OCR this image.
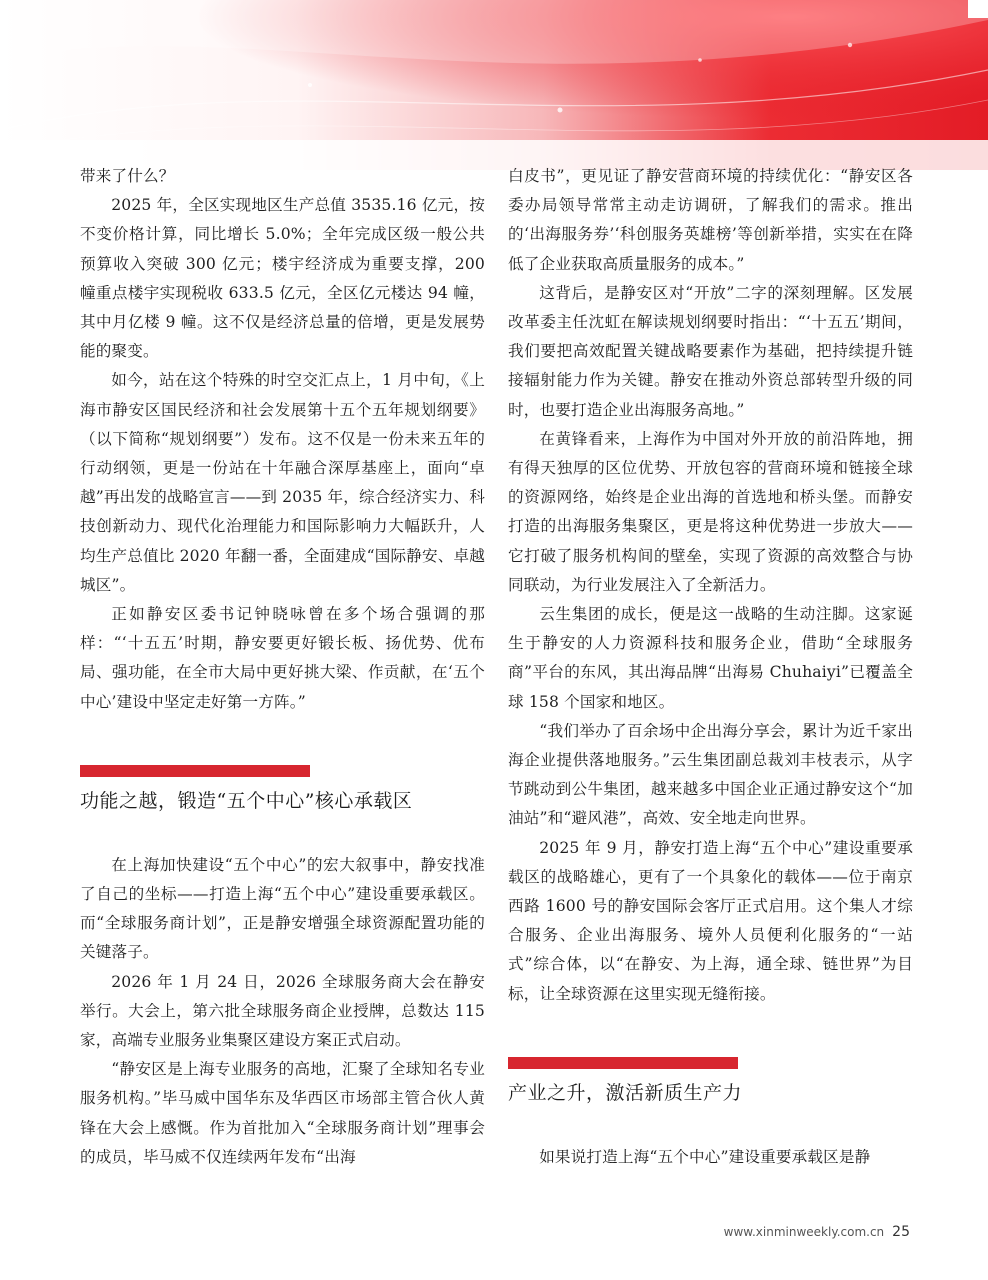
带来了什么？

2025 年，全区实现地区生产总值 3535.16 亿元，按不变价格计算，同比增长 5.0%；全年完成区级一般公共预算收入突破 300 亿元；楼宇经济成为重要支撑，200 幢重点楼宇实现税收 633.5 亿元，全区亿元楼达 94 幢，其中月亿楼 9 幢。这不仅是经济总量的倍增，更是发展势能的聚变。

如今，站在这个特殊的时空交汇点上，1 月中旬，《上海市静安区国民经济和社会发展第十五个五年规划纲要》（以下简称“规划纲要”）发布。这不仅是一份未来五年的行动纲领，更是一份站在十年融合深厚基座上，面向“卓越”再出发的战略宣言——到 2035 年，综合经济实力、科技创新动力、现代化治理能力和国际影响力大幅跃升，人均生产总值比 2020 年翻一番，全面建成“国际静安、卓越城区”。

正如静安区委书记钟晓咏曾在多个场合强调的那样：“‘十五五’时期，静安要更好锻长板、扬优势、优布局、强功能，在全市大局中更好挑大梁、作贡献，在‘五个中心’建设中坚定走好第一方阵。”

功能之越，锻造“五个中心”核心承载区

在上海加快建设“五个中心”的宏大叙事中，静安找准了自己的坐标——打造上海“五个中心”建设重要承载区。而“全球服务商计划”，正是静安增强全球资源配置功能的关键落子。

2026 年 1 月 24 日，2026 全球服务商大会在静安举行。大会上，第六批全球服务商企业授牌，总数达 115 家，高端专业服务业集聚区建设方案正式启动。

“静安区是上海专业服务的高地，汇聚了全球知名专业服务机构。”毕马威中国华东及华西区市场部主管合伙人黄锋在大会上感慨。作为首批加入“全球服务商计划”理事会的成员，毕马威不仅连续两年发布“出海

白皮书”，更见证了静安营商环境的持续优化：“静安区各委办局领导常常主动走访调研，了解我们的需求。推出的‘出海服务券’‘科创服务英雄榜’等创新举措，实实在在降低了企业获取高质量服务的成本。”

这背后，是静安区对“开放”二字的深刻理解。区发展改革委主任沈虹在解读规划纲要时指出：“‘十五五’期间，我们要把高效配置关键战略要素作为基础，把持续提升链接辐射能力作为关键。静安在推动外资总部转型升级的同时，也要打造企业出海服务高地。”

在黄锋看来，上海作为中国对外开放的前沿阵地，拥有得天独厚的区位优势、开放包容的营商环境和链接全球的资源网络，始终是企业出海的首选地和桥头堡。而静安打造的出海服务集聚区，更是将这种优势进一步放大——它打破了服务机构间的壁垒，实现了资源的高效整合与协同联动，为行业发展注入了全新活力。

云生集团的成长，便是这一战略的生动注脚。这家诞生于静安的人力资源科技和服务企业，借助“全球服务商”平台的东风，其出海品牌“出海易 Chuhaiyi”已覆盖全球 158 个国家和地区。

“我们举办了百余场中企出海分享会，累计为近千家出海企业提供落地服务。”云生集团副总裁刘丰枝表示，从字节跳动到公牛集团，越来越多中国企业正通过静安这个“加油站”和“避风港”，高效、安全地走向世界。

2025 年 9 月，静安打造上海“五个中心”建设重要承载区的战略雄心，更有了一个具象化的载体——位于南京西路 1600 号的静安国际会客厅正式启用。这个集人才综合服务、企业出海服务、境外人员便利化服务的“一站式”综合体，以“在静安、为上海，通全球、链世界”为目标，让全球资源在这里实现无缝衔接。

产业之升，激活新质生产力

如果说打造上海“五个中心”建设重要承载区是静

www.xinminweekly.com.cn 25
